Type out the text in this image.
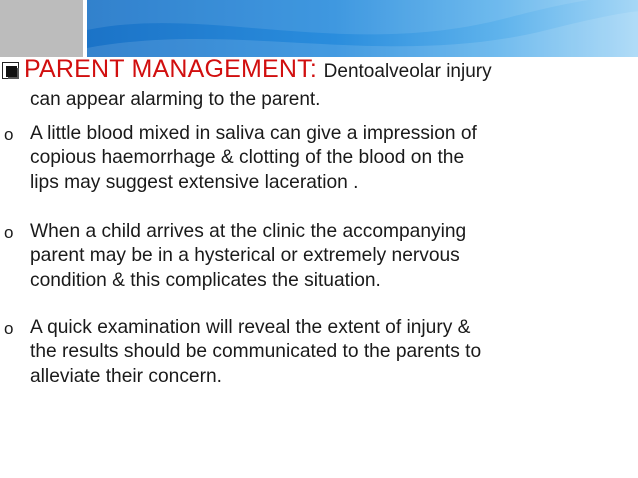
PARENT MANAGEMENT: Dentoalveolar injury
can appear alarming to the parent.
o A little blood mixed in saliva can give a impression of
copious haemorrhage & clotting of the blood on the
lips may suggest extensive laceration .
o When a child arrives at the clinic the accompanying
parent may be in a hysterical or extremely nervous
condition & this complicates the situation.
o A quick examination will reveal the extent of injury &
the results should be communicated to the parents to
alleviate their concern.
